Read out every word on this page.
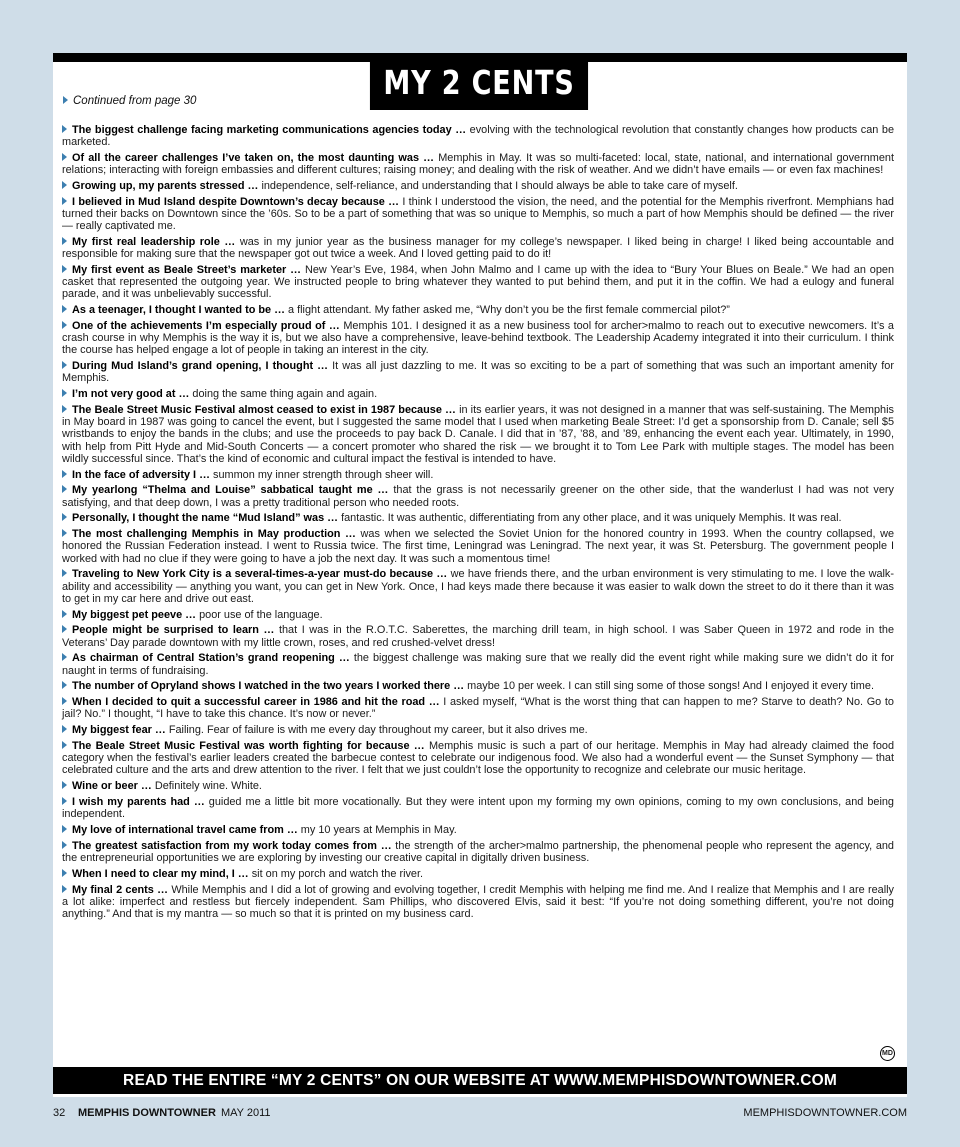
MY 2 CENTS
Continued from page 30

The biggest challenge facing marketing communications agencies today … evolving with the technological revolution that constantly changes how products can be marketed.

Of all the career challenges I’ve taken on, the most daunting was … Memphis in May. It was so multi-faceted: local, state, national, and international government relations; interacting with foreign embassies and different cultures; raising money; and dealing with the risk of weather. And we didn’t have emails — or even fax machines!

Growing up, my parents stressed … independence, self-reliance, and understanding that I should always be able to take care of myself.

I believed in Mud Island despite Downtown’s decay because … I think I understood the vision, the need, and the potential for the Memphis riverfront. Memphians had turned their backs on Downtown since the ’60s. So to be a part of something that was so unique to Memphis, so much a part of how Memphis should be defined — the river — really captivated me.

My first real leadership role … was in my junior year as the business manager for my college’s newspaper. I liked being in charge! I liked being accountable and responsible for making sure that the newspaper got out twice a week. And I loved getting paid to do it!

My first event as Beale Street’s marketer … New Year’s Eve, 1984, when John Malmo and I came up with the idea to “Bury Your Blues on Beale.” We had an open casket that represented the outgoing year. We instructed people to bring whatever they wanted to put behind them, and put it in the coffin. We had a eulogy and funeral parade, and it was unbelievably successful.

As a teenager, I thought I wanted to be … a flight attendant. My father asked me, “Why don’t you be the first female commercial pilot?”

One of the achievements I’m especially proud of … Memphis 101. I designed it as a new business tool for archer>malmo to reach out to executive newcomers. It’s a crash course in why Memphis is the way it is, but we also have a comprehensive, leave-behind textbook. The Leadership Academy integrated it into their curriculum. I think the course has helped engage a lot of people in taking an interest in the city.

During Mud Island’s grand opening, I thought … It was all just dazzling to me. It was so exciting to be a part of something that was such an important amenity for Memphis.

I’m not very good at … doing the same thing again and again.

The Beale Street Music Festival almost ceased to exist in 1987 because … in its earlier years, it was not designed in a manner that was self-sustaining. The Memphis in May board in 1987 was going to cancel the event, but I suggested the same model that I used when marketing Beale Street: I’d get a sponsorship from D. Canale; sell $5 wristbands to enjoy the bands in the clubs; and use the proceeds to pay back D. Canale. I did that in ’87, ’88, and ’89, enhancing the event each year. Ultimately, in 1990, with help from Pitt Hyde and Mid-South Concerts — a concert promoter who shared the risk — we brought it to Tom Lee Park with multiple stages. The model has been wildly successful since. That’s the kind of economic and cultural impact the festival is intended to have.

In the face of adversity I … summon my inner strength through sheer will.

My yearlong “Thelma and Louise” sabbatical taught me … that the grass is not necessarily greener on the other side, that the wanderlust I had was not very satisfying, and that deep down, I was a pretty traditional person who needed roots.

Personally, I thought the name “Mud Island” was … fantastic. It was authentic, differentiating from any other place, and it was uniquely Memphis. It was real.

The most challenging Memphis in May production … was when we selected the Soviet Union for the honored country in 1993. When the country collapsed, we honored the Russian Federation instead. I went to Russia twice. The first time, Leningrad was Leningrad. The next year, it was St. Petersburg. The government people I worked with had no clue if they were going to have a job the next day. It was such a momentous time!

Traveling to New York City is a several-times-a-year must-do because … we have friends there, and the urban environment is very stimulating to me. I love the walk-ability and accessibility — anything you want, you can get in New York. Once, I had keys made there because it was easier to walk down the street to do it there than it was to get in my car here and drive out east.

My biggest pet peeve … poor use of the language.

People might be surprised to learn … that I was in the R.O.T.C. Saberettes, the marching drill team, in high school. I was Saber Queen in 1972 and rode in the Veterans’ Day parade downtown with my little crown, roses, and red crushed-velvet dress!

As chairman of Central Station’s grand reopening … the biggest challenge was making sure that we really did the event right while making sure we didn’t do it for naught in terms of fundraising.

The number of Opryland shows I watched in the two years I worked there … maybe 10 per week. I can still sing some of those songs! And I enjoyed it every time.

When I decided to quit a successful career in 1986 and hit the road … I asked myself, “What is the worst thing that can happen to me? Starve to death? No. Go to jail? No.” I thought, “I have to take this chance. It’s now or never.”

My biggest fear … Failing. Fear of failure is with me every day throughout my career, but it also drives me.

The Beale Street Music Festival was worth fighting for because … Memphis music is such a part of our heritage. Memphis in May had already claimed the food category when the festival’s earlier leaders created the barbecue contest to celebrate our indigenous food. We also had a wonderful event — the Sunset Symphony — that celebrated culture and the arts and drew attention to the river. I felt that we just couldn’t lose the opportunity to recognize and celebrate our music heritage.

Wine or beer … Definitely wine. White.

I wish my parents had … guided me a little bit more vocationally. But they were intent upon my forming my own opinions, coming to my own conclusions, and being independent.

My love of international travel came from … my 10 years at Memphis in May.

The greatest satisfaction from my work today comes from … the strength of the archer>malmo partnership, the phenomenal people who represent the agency, and the entrepreneurial opportunities we are exploring by investing our creative capital in digitally driven business.

When I need to clear my mind, I … sit on my porch and watch the river.

My final 2 cents … While Memphis and I did a lot of growing and evolving together, I credit Memphis with helping me find me. And I realize that Memphis and I are really a lot alike: imperfect and restless but fiercely independent. Sam Phillips, who discovered Elvis, said it best: “If you’re not doing something different, you’re not doing anything.” And that is my mantra — so much so that it is printed on my business card.

MD
READ THE ENTIRE “MY 2 CENTS” ON OUR WEBSITE AT WWW.MEMPHISDOWNTOWNER.COM
32 MEMPHIS DOWNTOWNER MAY 2011	MEMPHISDOWNTOWNER.COM
